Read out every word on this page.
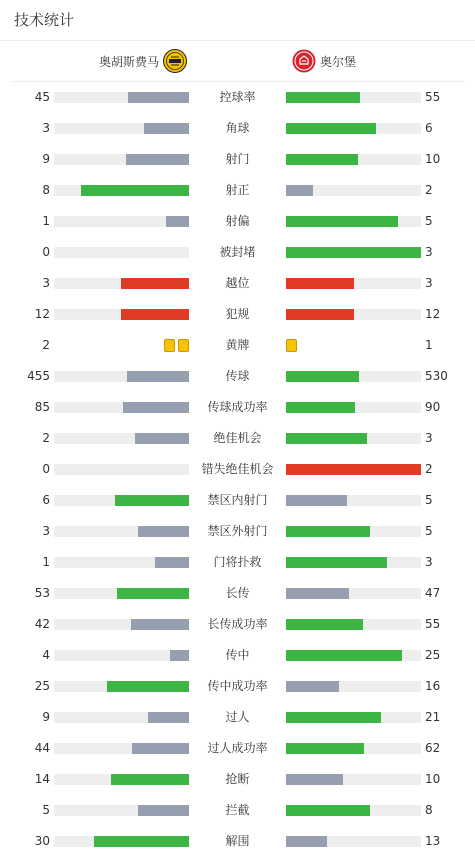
技术统计
奥胡斯费马	奥尔堡
45	控球率	55
3	角球	6
9	射门	10
8	射正	2
1	射偏	5
0	被封堵	3
3	越位	3
12	犯规	12
2	黄牌	1
455	传球	530
85	传球成功率	90
2	绝佳机会	3
0	错失绝佳机会	2
6	禁区内射门	5
3	禁区外射门	5
1	门将扑救	3
53	长传	47
42	长传成功率	55
4	传中	25
25	传中成功率	16
9	过人	21
44	过人成功率	62
14	抢断	10
5	拦截	8
30	解围	13
